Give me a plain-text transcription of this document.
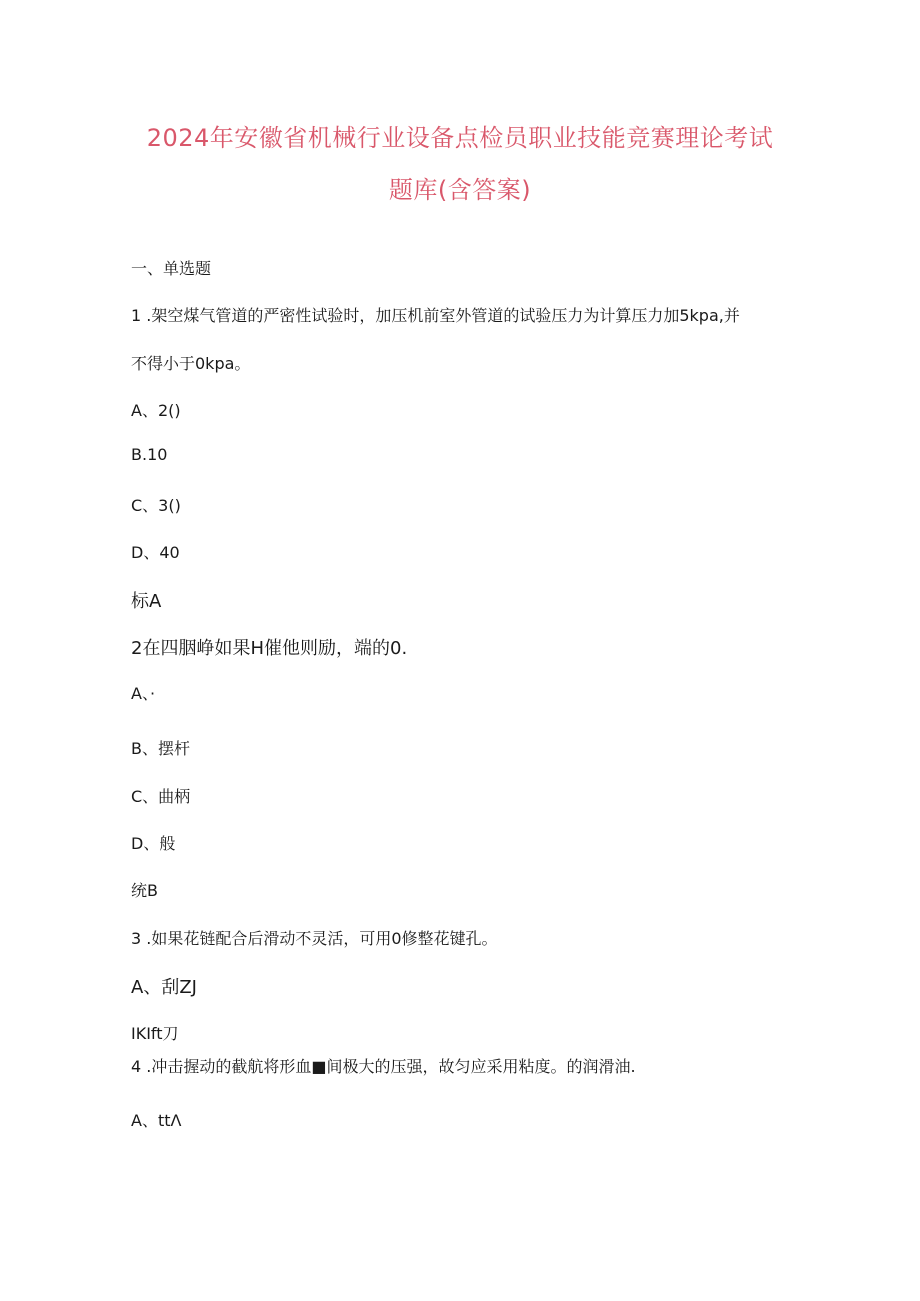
2024年安徽省机械行业设备点检员职业技能竞赛理论考试
题库(含答案)
一、单选题
1 .架空煤气管道的严密性试验时，加压机前室外管道的试验压力为计算压力加5kpa,并
不得小于0kpa。
A、2()
B.10
C、3()
D、40
标A
2在四胭峥如果H催他则励，端的0.
A、·
B、摆杆
C、曲柄
D、般
统B
3 .如果花链配合后滑动不灵活，可用0修整花键孔。
A、刮ZJ
IKIft刀
4 .冲击握动的截航将形血■间极大的压强，故匀应采用粘度。的润滑油.
A、ttΛ
